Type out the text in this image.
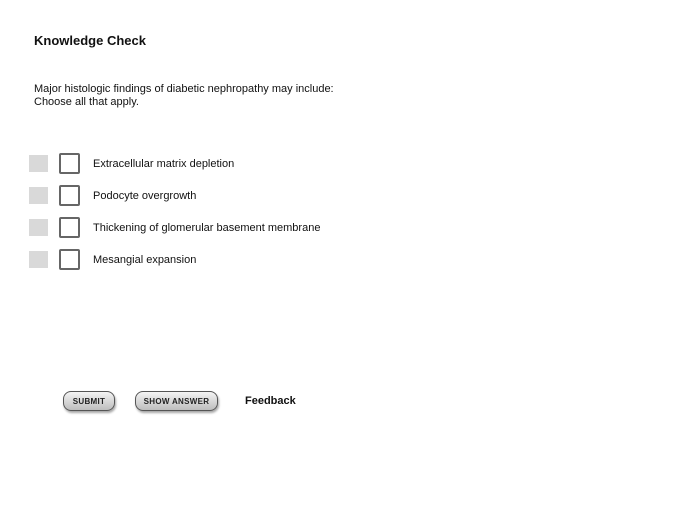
Knowledge Check
Major histologic findings of diabetic nephropathy may include:
Choose all that apply.
Extracellular matrix depletion
Podocyte overgrowth
Thickening of glomerular basement membrane
Mesangial expansion
SUBMIT	SHOW ANSWER	Feedback
